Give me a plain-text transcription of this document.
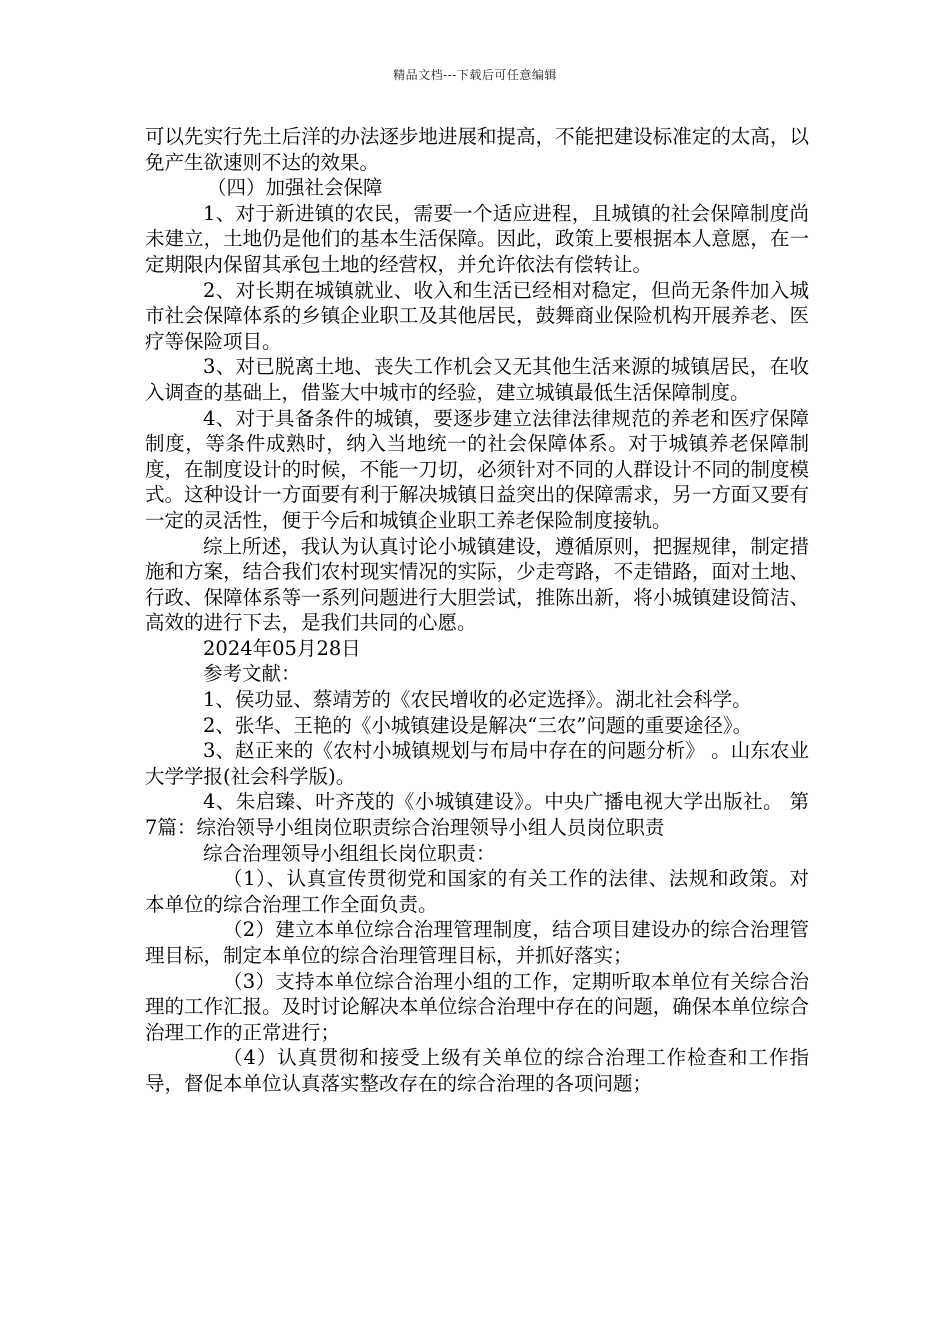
精品文档---下载后可任意编辑

可以先实行先土后洋的办法逐步地进展和提高，不能把建设标准定的太高，以免产生欲速则不达的效果。

（四）加强社会保障

1、对于新进镇的农民，需要一个适应进程，且城镇的社会保障制度尚未建立，土地仍是他们的基本生活保障。因此，政策上要根据本人意愿，在一定期限内保留其承包土地的经营权，并允许依法有偿转让。

2、对长期在城镇就业、收入和生活已经相对稳定，但尚无条件加入城市社会保障体系的乡镇企业职工及其他居民，鼓舞商业保险机构开展养老、医疗等保险项目。

3、对已脱离土地、丧失工作机会又无其他生活来源的城镇居民，在收入调查的基础上，借鉴大中城市的经验，建立城镇最低生活保障制度。

4、对于具备条件的城镇，要逐步建立法律法律规范的养老和医疗保障制度，等条件成熟时，纳入当地统一的社会保障体系。对于城镇养老保障制度，在制度设计的时候，不能一刀切，必须针对不同的人群设计不同的制度模式。这种设计一方面要有利于解决城镇日益突出的保障需求，另一方面又要有一定的灵活性，便于今后和城镇企业职工养老保险制度接轨。

综上所述，我认为认真讨论小城镇建设，遵循原则，把握规律，制定措施和方案，结合我们农村现实情况的实际，少走弯路，不走错路，面对土地、行政、保障体系等一系列问题进行大胆尝试，推陈出新，将小城镇建设简洁、高效的进行下去，是我们共同的心愿。

2024年05月28日

参考文献：

1、侯功显、蔡靖芳的《农民增收的必定选择》。湖北社会科学。

2、张华、王艳的《小城镇建设是解决“三农”问题的重要途径》。

3、赵正来的《农村小城镇规划与布局中存在的问题分析》 。山东农业大学学报(社会科学版)。

4、朱启臻、叶齐茂的《小城镇建设》。中央广播电视大学出版社。 第7篇：综治领导小组岗位职责综合治理领导小组人员岗位职责

综合治理领导小组组长岗位职责：

（1）、认真宣传贯彻党和国家的有关工作的法律、法规和政策。对本单位的综合治理工作全面负责。

（2）建立本单位综合治理管理制度，结合项目建设办的综合治理管理目标，制定本单位的综合治理管理目标，并抓好落实；

（3）支持本单位综合治理小组的工作，定期听取本单位有关综合治理的工作汇报。及时讨论解决本单位综合治理中存在的问题，确保本单位综合治理工作的正常进行；

（4）认真贯彻和接受上级有关单位的综合治理工作检查和工作指导，督促本单位认真落实整改存在的综合治理的各项问题；
